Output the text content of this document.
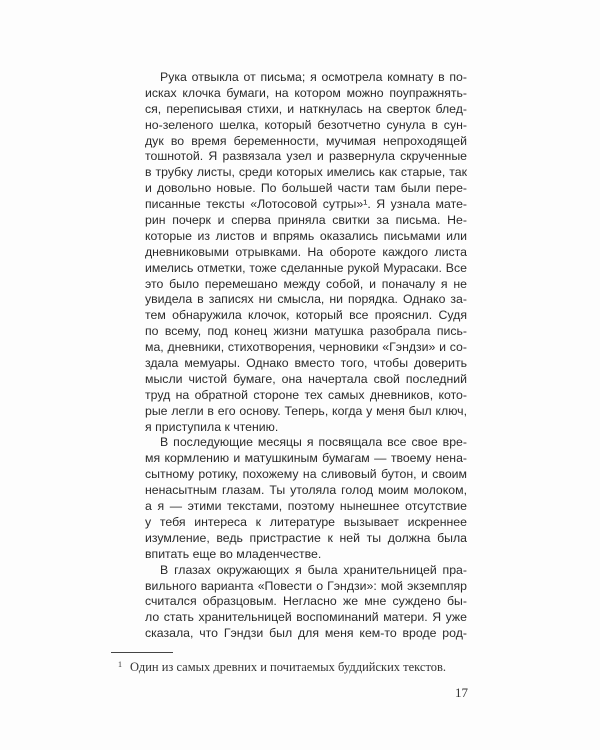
Рука отвыкла от письма; я осмотрела комнату в по-
исках клочка бумаги, на котором можно поупражнять-
ся, переписывая стихи, и наткнулась на сверток блед-
но-зеленого шелка, который безотчетно сунула в сун-
дук во время беременности, мучимая непроходящей
тошнотой. Я развязала узел и развернула скрученные
в трубку листы, среди которых имелись как старые, так
и довольно новые. По большей части там были пере-
писанные тексты «Лотосовой сутры»¹. Я узнала мате-
рин почерк и сперва приняла свитки за письма. Не-
которые из листов и впрямь оказались письмами или
дневниковыми отрывками. На обороте каждого листа
имелись отметки, тоже сделанные рукой Мурасаки. Все
это было перемешано между собой, и поначалу я не
увидела в записях ни смысла, ни порядка. Однако за-
тем обнаружила клочок, который все прояснил. Судя
по всему, под конец жизни матушка разобрала пись-
ма, дневники, стихотворения, черновики «Гэндзи» и со-
здала мемуары. Однако вместо того, чтобы доверить
мысли чистой бумаге, она начертала свой последний
труд на обратной стороне тех самых дневников, кото-
рые легли в его основу. Теперь, когда у меня был ключ,
я приступила к чтению.
В последующие месяцы я посвящала все свое вре-
мя кормлению и матушкиным бумагам — твоему нена-
сытному ротику, похожему на сливовый бутон, и своим
ненасытным глазам. Ты утоляла голод моим молоком,
а я — этими текстами, поэтому нынешнее отсутствие
у тебя интереса к литературе вызывает искреннее
изумление, ведь пристрастие к ней ты должна была
впитать еще во младенчестве.
В глазах окружающих я была хранительницей пра-
вильного варианта «Повести о Гэндзи»: мой экземпляр
считался образцовым. Негласно же мне суждено бы-
ло стать хранительницей воспоминаний матери. Я уже
сказала, что Гэндзи был для меня кем-то вроде род-
$^1$ Один из самых древних и почитаемых буддийских текстов.
17
